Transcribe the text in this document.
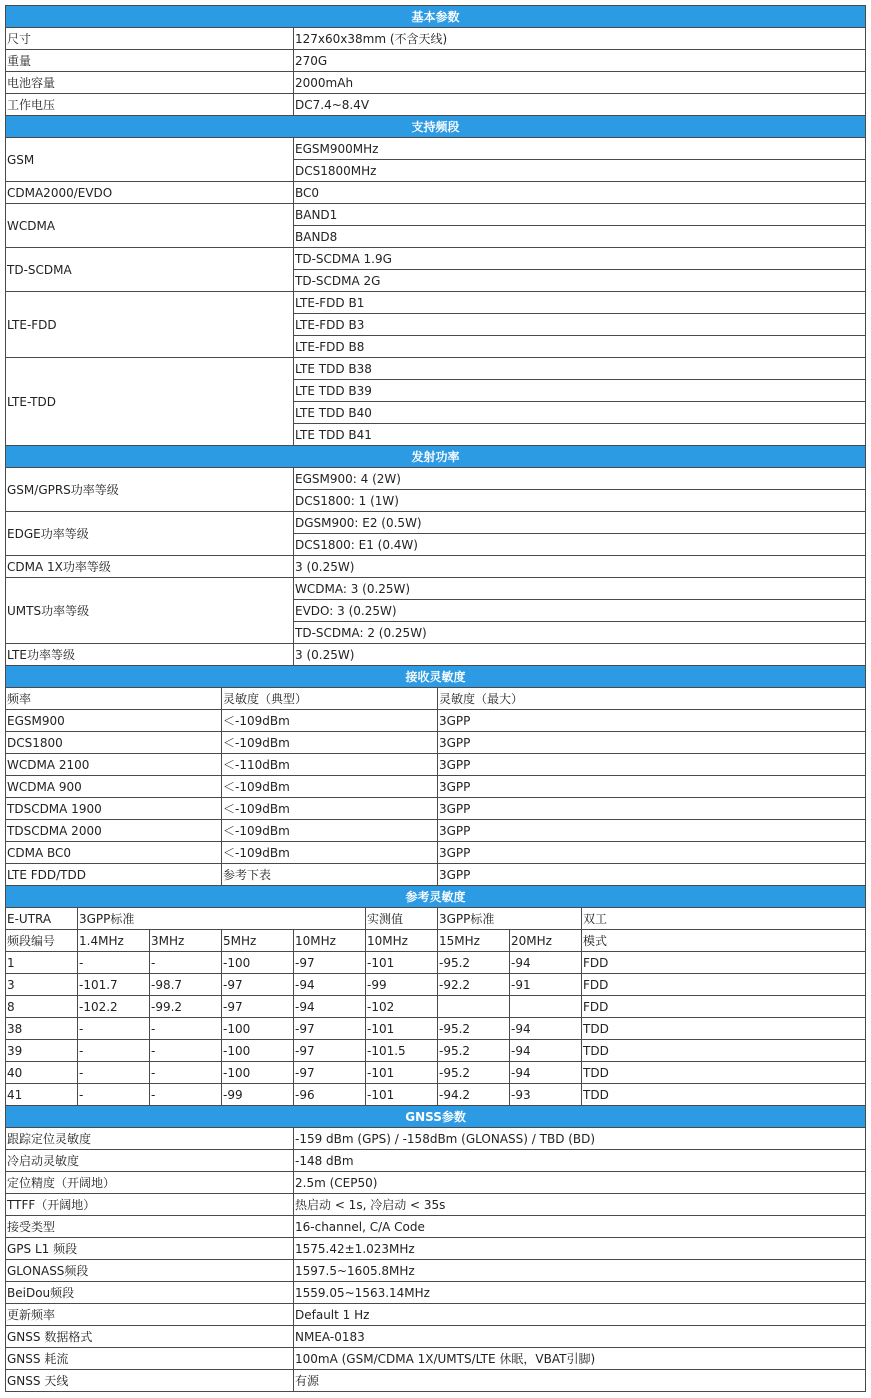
基本参数								
尺寸				127x60x38mm (不含天线)				
重量				270G				
电池容量				2000mAh				
工作电压				DC7.4~8.4V				
支持频段								
GSM				EGSM900MHz				
				DCS1800MHz				
CDMA2000/EVDO				BC0				
WCDMA				BAND1				
				BAND8				
TD-SCDMA				TD-SCDMA 1.9G				
				TD-SCDMA 2G				
LTE-FDD				LTE-FDD B1				
				LTE-FDD B3				
				LTE-FDD B8				
LTE-TDD				LTE TDD B38				
				LTE TDD B39				
				LTE TDD B40				
				LTE TDD B41				
发射功率								
GSM/GPRS功率等级				EGSM900: 4 (2W)				
				DCS1800: 1 (1W)				
EDGE功率等级				DGSM900: E2 (0.5W)				
				DCS1800: E1 (0.4W)				
CDMA 1X功率等级				3 (0.25W)				
UMTS功率等级				WCDMA: 3 (0.25W)				
				EVDO: 3 (0.25W)				
				TD-SCDMA: 2 (0.25W)				
LTE功率等级				3 (0.25W)				
接收灵敏度								
频率			灵敏度（典型）			灵敏度（最大）		
EGSM900			＜-109dBm			3GPP		
DCS1800			＜-109dBm			3GPP		
WCDMA 2100			＜-110dBm			3GPP		
WCDMA 900			＜-109dBm			3GPP		
TDSCDMA 1900			＜-109dBm			3GPP		
TDSCDMA 2000			＜-109dBm			3GPP		
CDMA BC0			＜-109dBm			3GPP		
LTE FDD/TDD			参考下表			3GPP		
参考灵敏度								
E-UTRA	3GPP标准				实测值	3GPP标准		双工
频段编号	1.4MHz	3MHz	5MHz	10MHz	10MHz	15MHz	20MHz	模式
1	-	-	-100	-97	-101	-95.2	-94	FDD
3	-101.7	-98.7	-97	-94	-99	-92.2	-91	FDD
8	-102.2	-99.2	-97	-94	-102			FDD
38	-	-	-100	-97	-101	-95.2	-94	TDD
39	-	-	-100	-97	-101.5	-95.2	-94	TDD
40	-	-	-100	-97	-101	-95.2	-94	TDD
41	-	-	-99	-96	-101	-94.2	-93	TDD
GNSS参数								
跟踪定位灵敏度				-159 dBm (GPS) / -158dBm (GLONASS) / TBD (BD)				
冷启动灵敏度				-148 dBm				
定位精度（开阔地）				2.5m (CEP50)				
TTFF（开阔地）				热启动 < 1s, 冷启动 < 35s				
接受类型				16-channel, C/A Code				
GPS L1 频段				1575.42±1.023MHz				
GLONASS频段				1597.5~1605.8MHz				
BeiDou频段				1559.05~1563.14MHz				
更新频率				Default 1 Hz				
GNSS 数据格式				NMEA-0183				
GNSS 耗流				100mA (GSM/CDMA 1X/UMTS/LTE 休眠，VBAT引脚)				
GNSS 天线				有源				
